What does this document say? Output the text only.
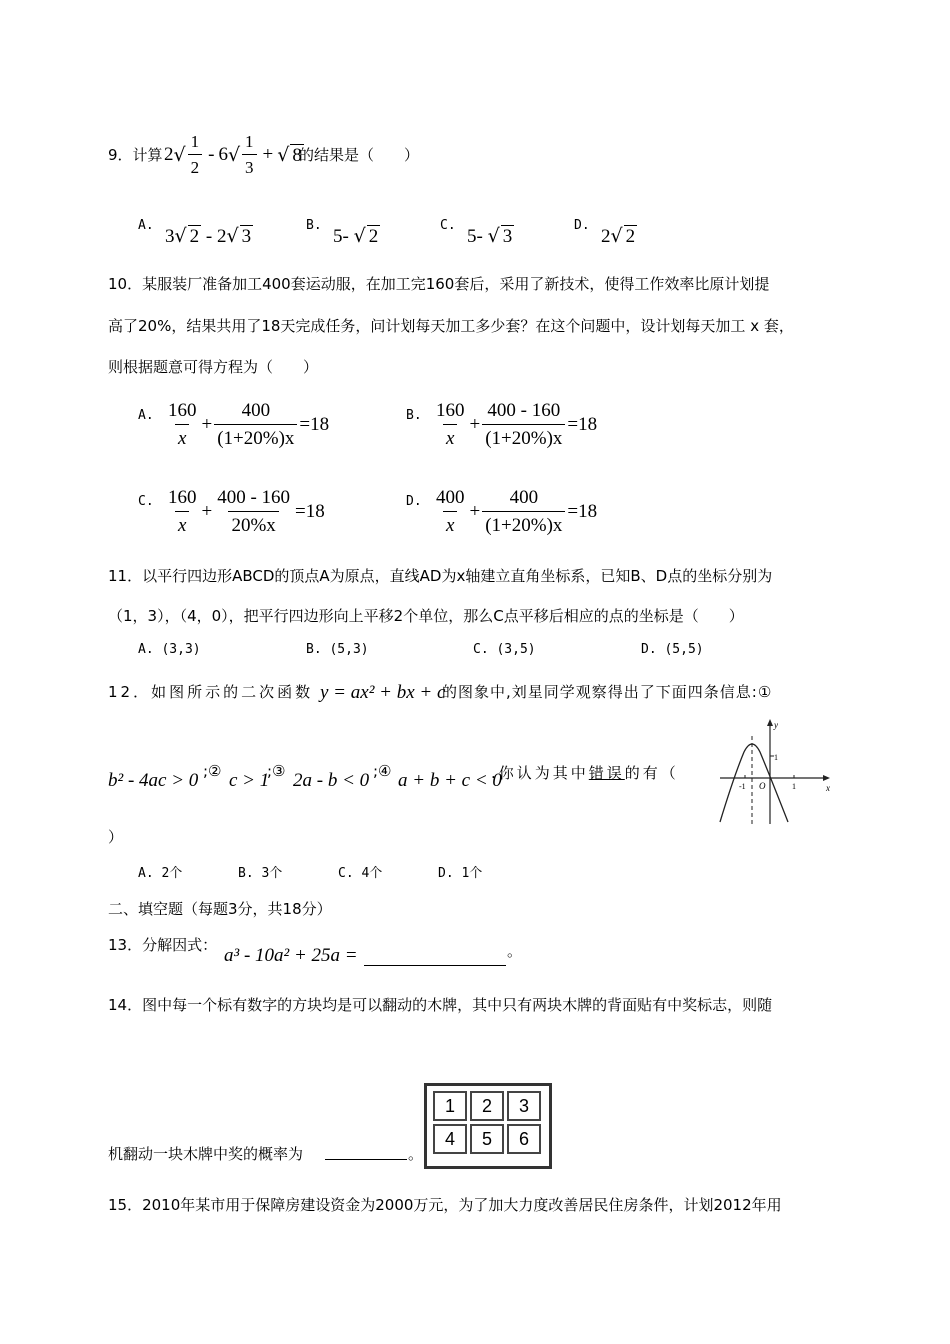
9．计算 2 √ $\frac{1}{2} - 6$ √ $\frac{1}{3}$ + √ 8
的结果是（　　）
A.
3√ 2 - 2√ 3
B.
5- √ 2
C.
5- √ 3
D.
2√ 2
10．某服装厂准备加工400套运动服，在加工完160套后，采用了新技术，使得工作效率比原计划提
高了20%，结果共用了18天完成任务，问计划每天加工多少套？在这个问题中，设计划每天加工 x 套，
则根据题意可得方程为（　　）
A. $\frac{160}{x} + \frac{400}{(1+20\%)x} =18$	B. $\frac{160}{x} + \frac{400 - 160}{(1+20\%)x} =18$
C. $\frac{160}{x} + \frac{400 - 160}{20\%x} =18$	D. $\frac{400}{x} + \frac{400}{(1+20\%)x} =18$
11．以平行四边形ABCD的顶点A为原点，直线AD为x轴建立直角坐标系，已知B、D点的坐标分别为
（1，3），（4，0），把平行四边形向上平移2个单位，那么C点平移后相应的点的坐标是（　　）
A. (3,3)	B. (5,3)	C. (3,5)	D. (5,5)
12．如图所示的二次函数 y = ax² + bx + c
的图象中,刘星同学观察得出了下面四条信息:①
b² - 4ac > 0 ;② c > 1
;③ 2a - b < 0 ;④ a + b + c < 0
.你认为其中错误的有（
）
y
x
1
-1 O	1
A. 2个	B. 3个	C. 4个	D. 1个
二、填空题（每题3分，共18分）
13．分解因式： a³ - 10a² + 25a =	。
14．图中每一个标有数字的方块均是可以翻动的木牌，其中只有两块木牌的背面贴有中奖标志，则随
机翻动一块木牌中奖的概率为	。
1	2	3
4	5	6
15．2010年某市用于保障房建设资金为2000万元，为了加大力度改善居民住房条件，计划2012年用
